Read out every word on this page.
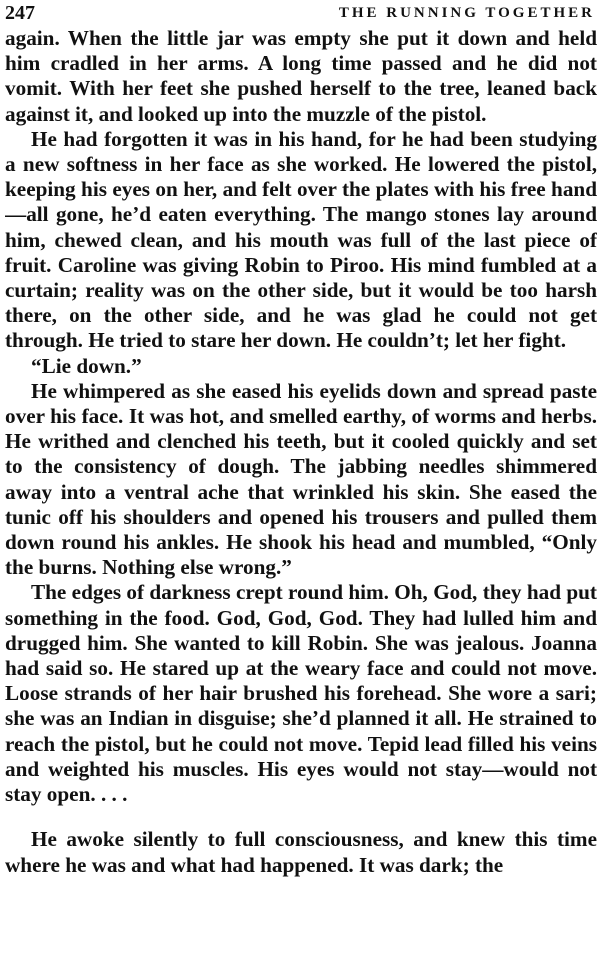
247	THE RUNNING TOGETHER

again. When the little jar was empty she put it down and held him cradled in her arms. A long time passed and he did not vomit. With her feet she pushed herself to the tree, leaned back against it, and looked up into the muzzle of the pistol.

He had forgotten it was in his hand, for he had been studying a new softness in her face as she worked. He lowered the pistol, keeping his eyes on her, and felt over the plates with his free hand—all gone, he’d eaten everything. The mango stones lay around him, chewed clean, and his mouth was full of the last piece of fruit. Caroline was giving Robin to Piroo. His mind fumbled at a curtain; reality was on the other side, but it would be too harsh there, on the other side, and he was glad he could not get through. He tried to stare her down. He couldn’t; let her fight.

“Lie down.”

He whimpered as she eased his eyelids down and spread paste over his face. It was hot, and smelled earthy, of worms and herbs. He writhed and clenched his teeth, but it cooled quickly and set to the consistency of dough. The jabbing needles shimmered away into a ventral ache that wrinkled his skin. She eased the tunic off his shoulders and opened his trousers and pulled them down round his ankles. He shook his head and mumbled, “Only the burns. Nothing else wrong.”

The edges of darkness crept round him. Oh, God, they had put something in the food. God, God, God. They had lulled him and drugged him. She wanted to kill Robin. She was jealous. Joanna had said so. He stared up at the weary face and could not move. Loose strands of her hair brushed his forehead. She wore a sari; she was an Indian in disguise; she’d planned it all. He strained to reach the pistol, but he could not move. Tepid lead filled his veins and weighted his muscles. His eyes would not stay—would not stay open. . . .

He awoke silently to full consciousness, and knew this time where he was and what had happened. It was dark; the
